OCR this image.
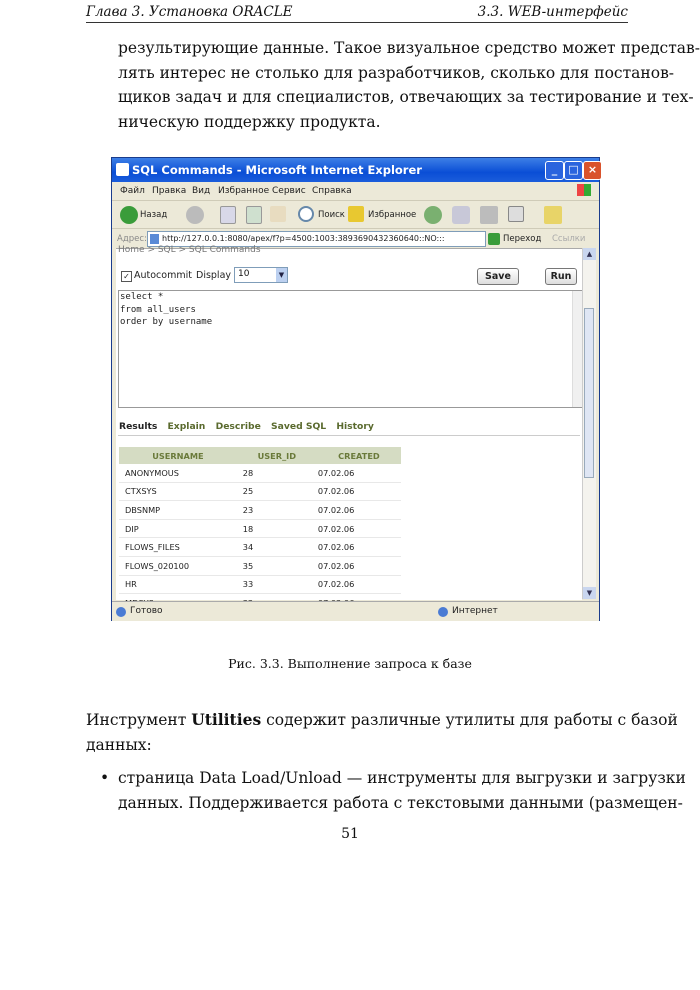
Глава 3. Установка ORACLE	3.3. WEB-интерфейс
результирующие данные. Такое визуальное средство может представ-
лять интерес не столько для разработчиков, сколько для постанов-
щиков задач и для специалистов, отвечающих за тестирование и тех-
ническую поддержку продукта.
SQL Commands - Microsoft Internet Explorer	_	□ ×
Файл Правка Вид Избранное Сервис Справка
Назад	Поиск	Избранное
Адрес: http://127.0.0.1:8080/apex/f?p=4500:1003:3893690432360640::NO:::	Переход Ссылки
Home > SQL > SQL Commands
✓ Autocommit Display 10	▼	Save	Run
select *
from all_users
order by username
Results Explain Describe Saved SQL History
USERNAME	USER_ID	CREATED
ANONYMOUS	28	07.02.06
CTXSYS	25	07.02.06
DBSNMP	23	07.02.06
DIP	18	07.02.06
FLOWS_FILES	34	07.02.06
FLOWS_020100	35	07.02.06
HR	33	07.02.06

▲
▼
Готово	Интернет
Рис. 3.3. Выполнение запроса к базе
Инструмент Utilities содержит различные утилиты для работы с базой
данных:
• страница Data Load/Unload — инструменты для выгрузки и загрузки
данных. Поддерживается работа с текстовыми данными (размещен-
51
